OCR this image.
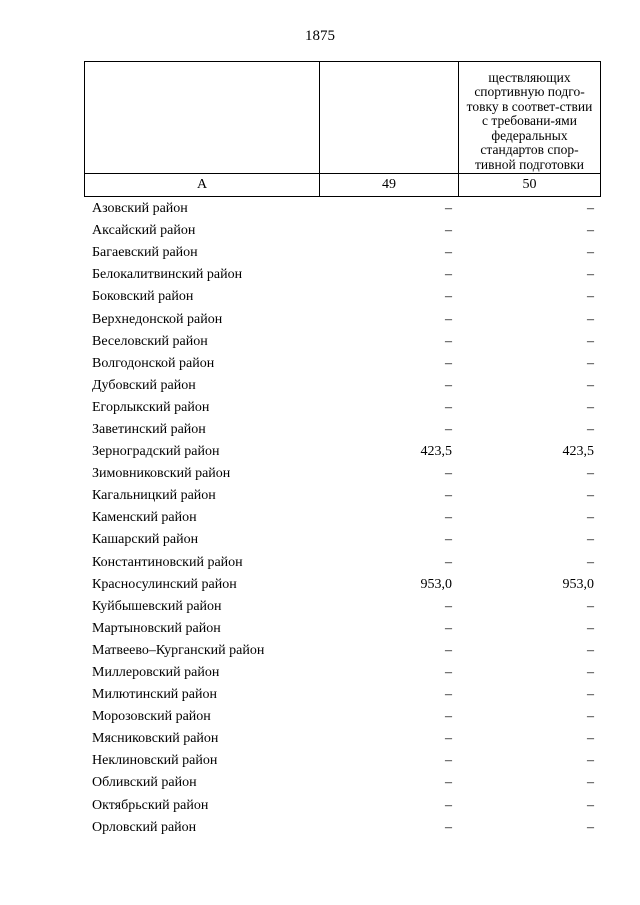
1875

		ществляющих спортивную подго-товку в соответ-ствии с требовани-ями федеральных стандартов спор-тивной подготовки

А	49	50
Азовский район	–	–
Аксайский район	–	–
Багаевский район	–	–
Белокалитвинский район	–	–
Боковский район	–	–
Верхнедонской район	–	–
Веселовский район	–	–
Волгодонской район	–	–
Дубовский район	–	–
Егорлыкский район	–	–
Заветинский район	–	–
Зерноградский район	423,5	423,5
Зимовниковский район	–	–
Кагальницкий район	–	–
Каменский район	–	–
Кашарский район	–	–
Константиновский район	–	–
Красносулинский район	953,0	953,0
Куйбышевский район	–	–
Мартыновский район	–	–
Матвеево–Курганский район	–	–
Миллеровский район	–	–
Милютинский район	–	–
Морозовский район	–	–
Мясниковский район	–	–
Неклиновский район	–	–
Обливский район	–	–
Октябрьский район	–	–
Орловский район	–	–
